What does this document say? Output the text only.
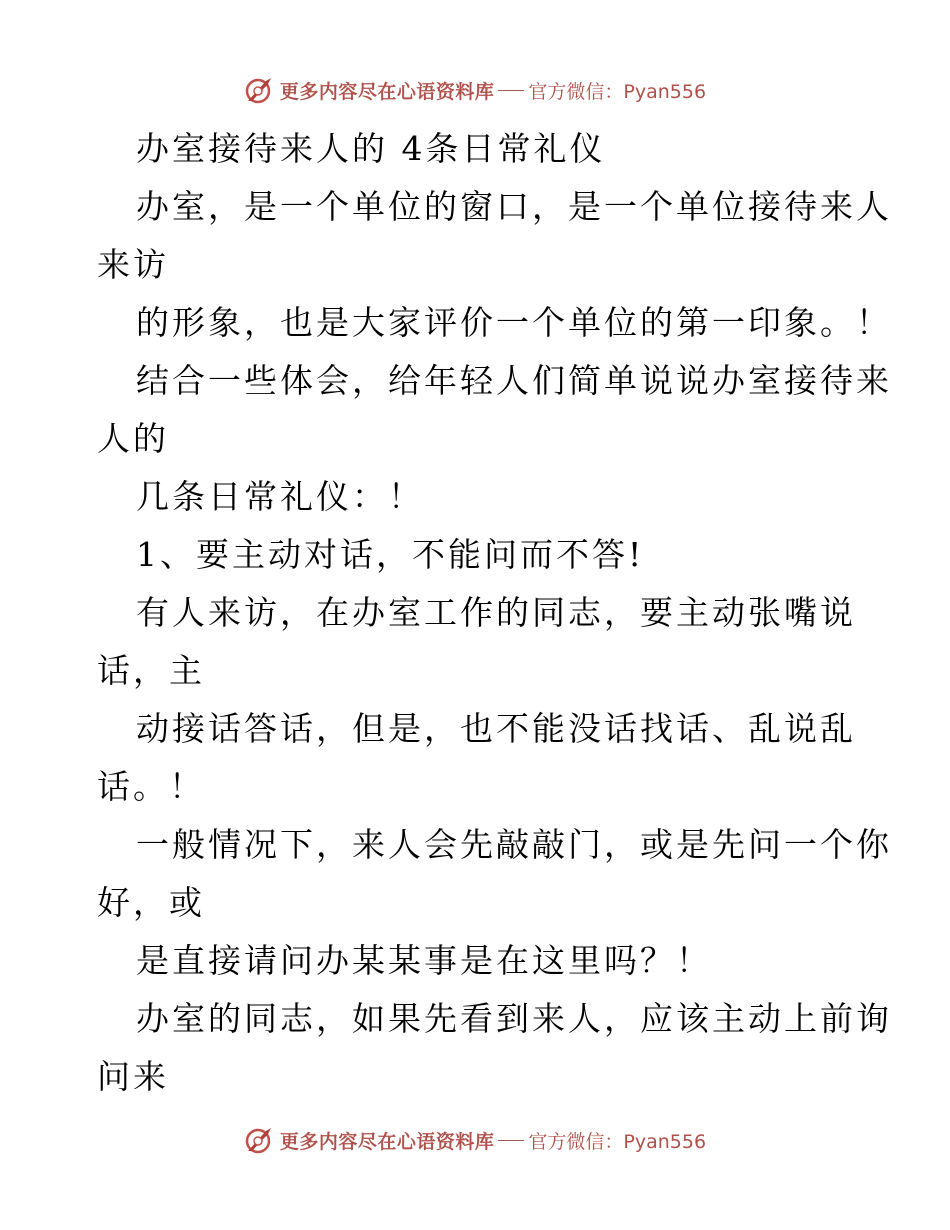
更多内容尽在心语资料库 官方微信：Pyan556

办室接待来人的 4条日常礼仪

办室，是一个单位的窗口，是一个单位接待来人

来访

的形象，也是大家评价一个单位的第一印象。！

结合一些体会，给年轻人们简单说说办室接待来

人的

几条日常礼仪：！

1、要主动对话，不能问而不答!

有人来访，在办室工作的同志，要主动张嘴说

话，主

动接话答话，但是，也不能没话找话、乱说乱

话。！

一般情况下，来人会先敲敲门，或是先问一个你

好，或

是直接请问办某某事是在这里吗？！

办室的同志，如果先看到来人，应该主动上前询

问来

更多内容尽在心语资料库 官方微信：Pyan556
